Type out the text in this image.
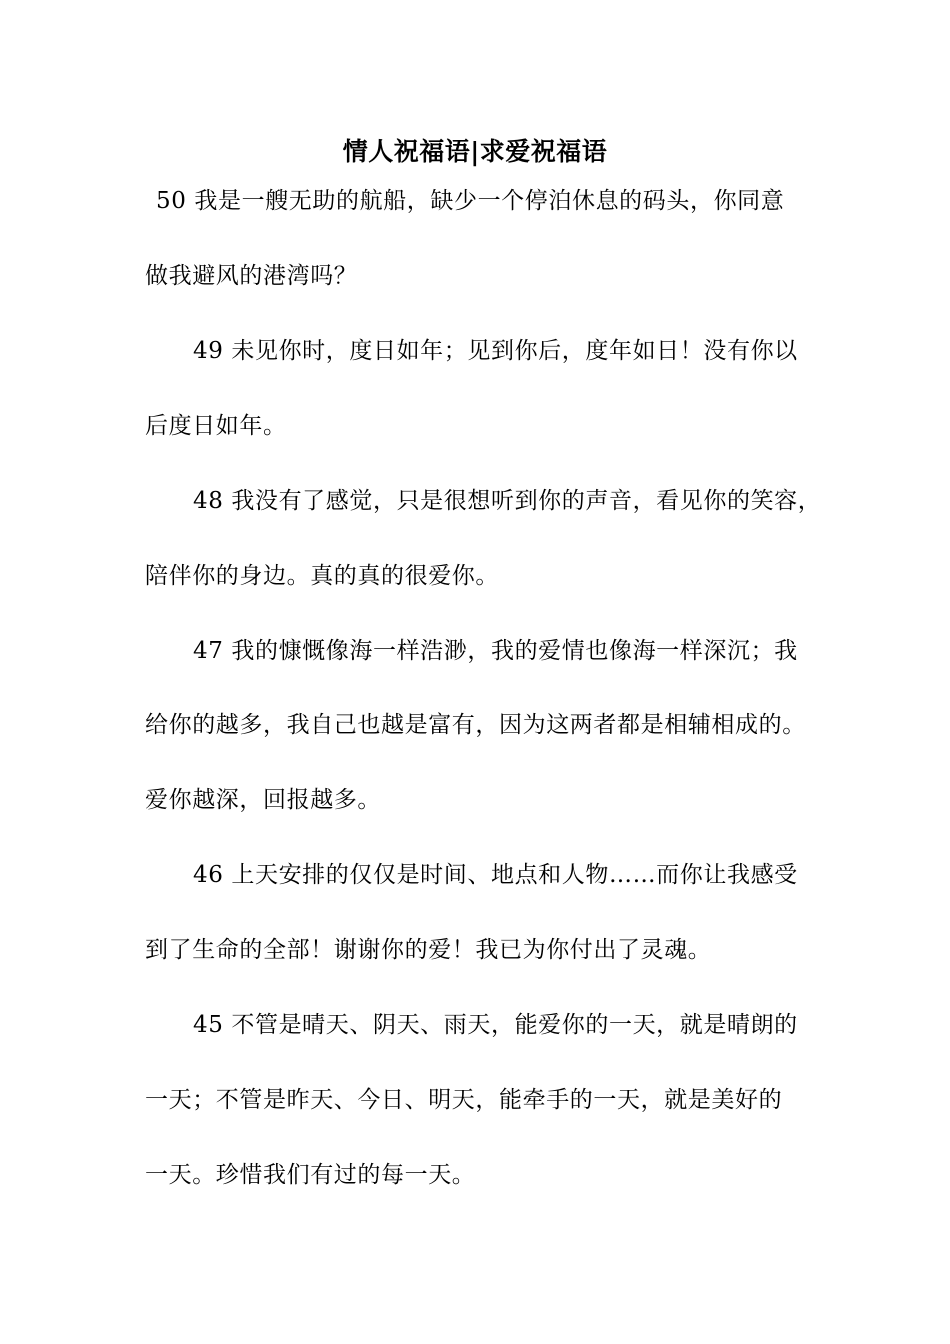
情人祝福语|求爱祝福语
50 我是一艘无助的航船，缺少一个停泊休息的码头，你同意
做我避风的港湾吗？
49 未见你时，度日如年；见到你后，度年如日！没有你以
后度日如年。
48 我没有了感觉，只是很想听到你的声音，看见你的笑容，
陪伴你的身边。真的真的很爱你。
47 我的慷慨像海一样浩渺，我的爱情也像海一样深沉；我
给你的越多，我自己也越是富有，因为这两者都是相辅相成的。
爱你越深，回报越多。
46 上天安排的仅仅是时间、地点和人物……而你让我感受
到了生命的全部！谢谢你的爱！我已为你付出了灵魂。
45 不管是晴天、阴天、雨天，能爱你的一天，就是晴朗的
一天；不管是昨天、今日、明天，能牵手的一天，就是美好的
一天。珍惜我们有过的每一天。
